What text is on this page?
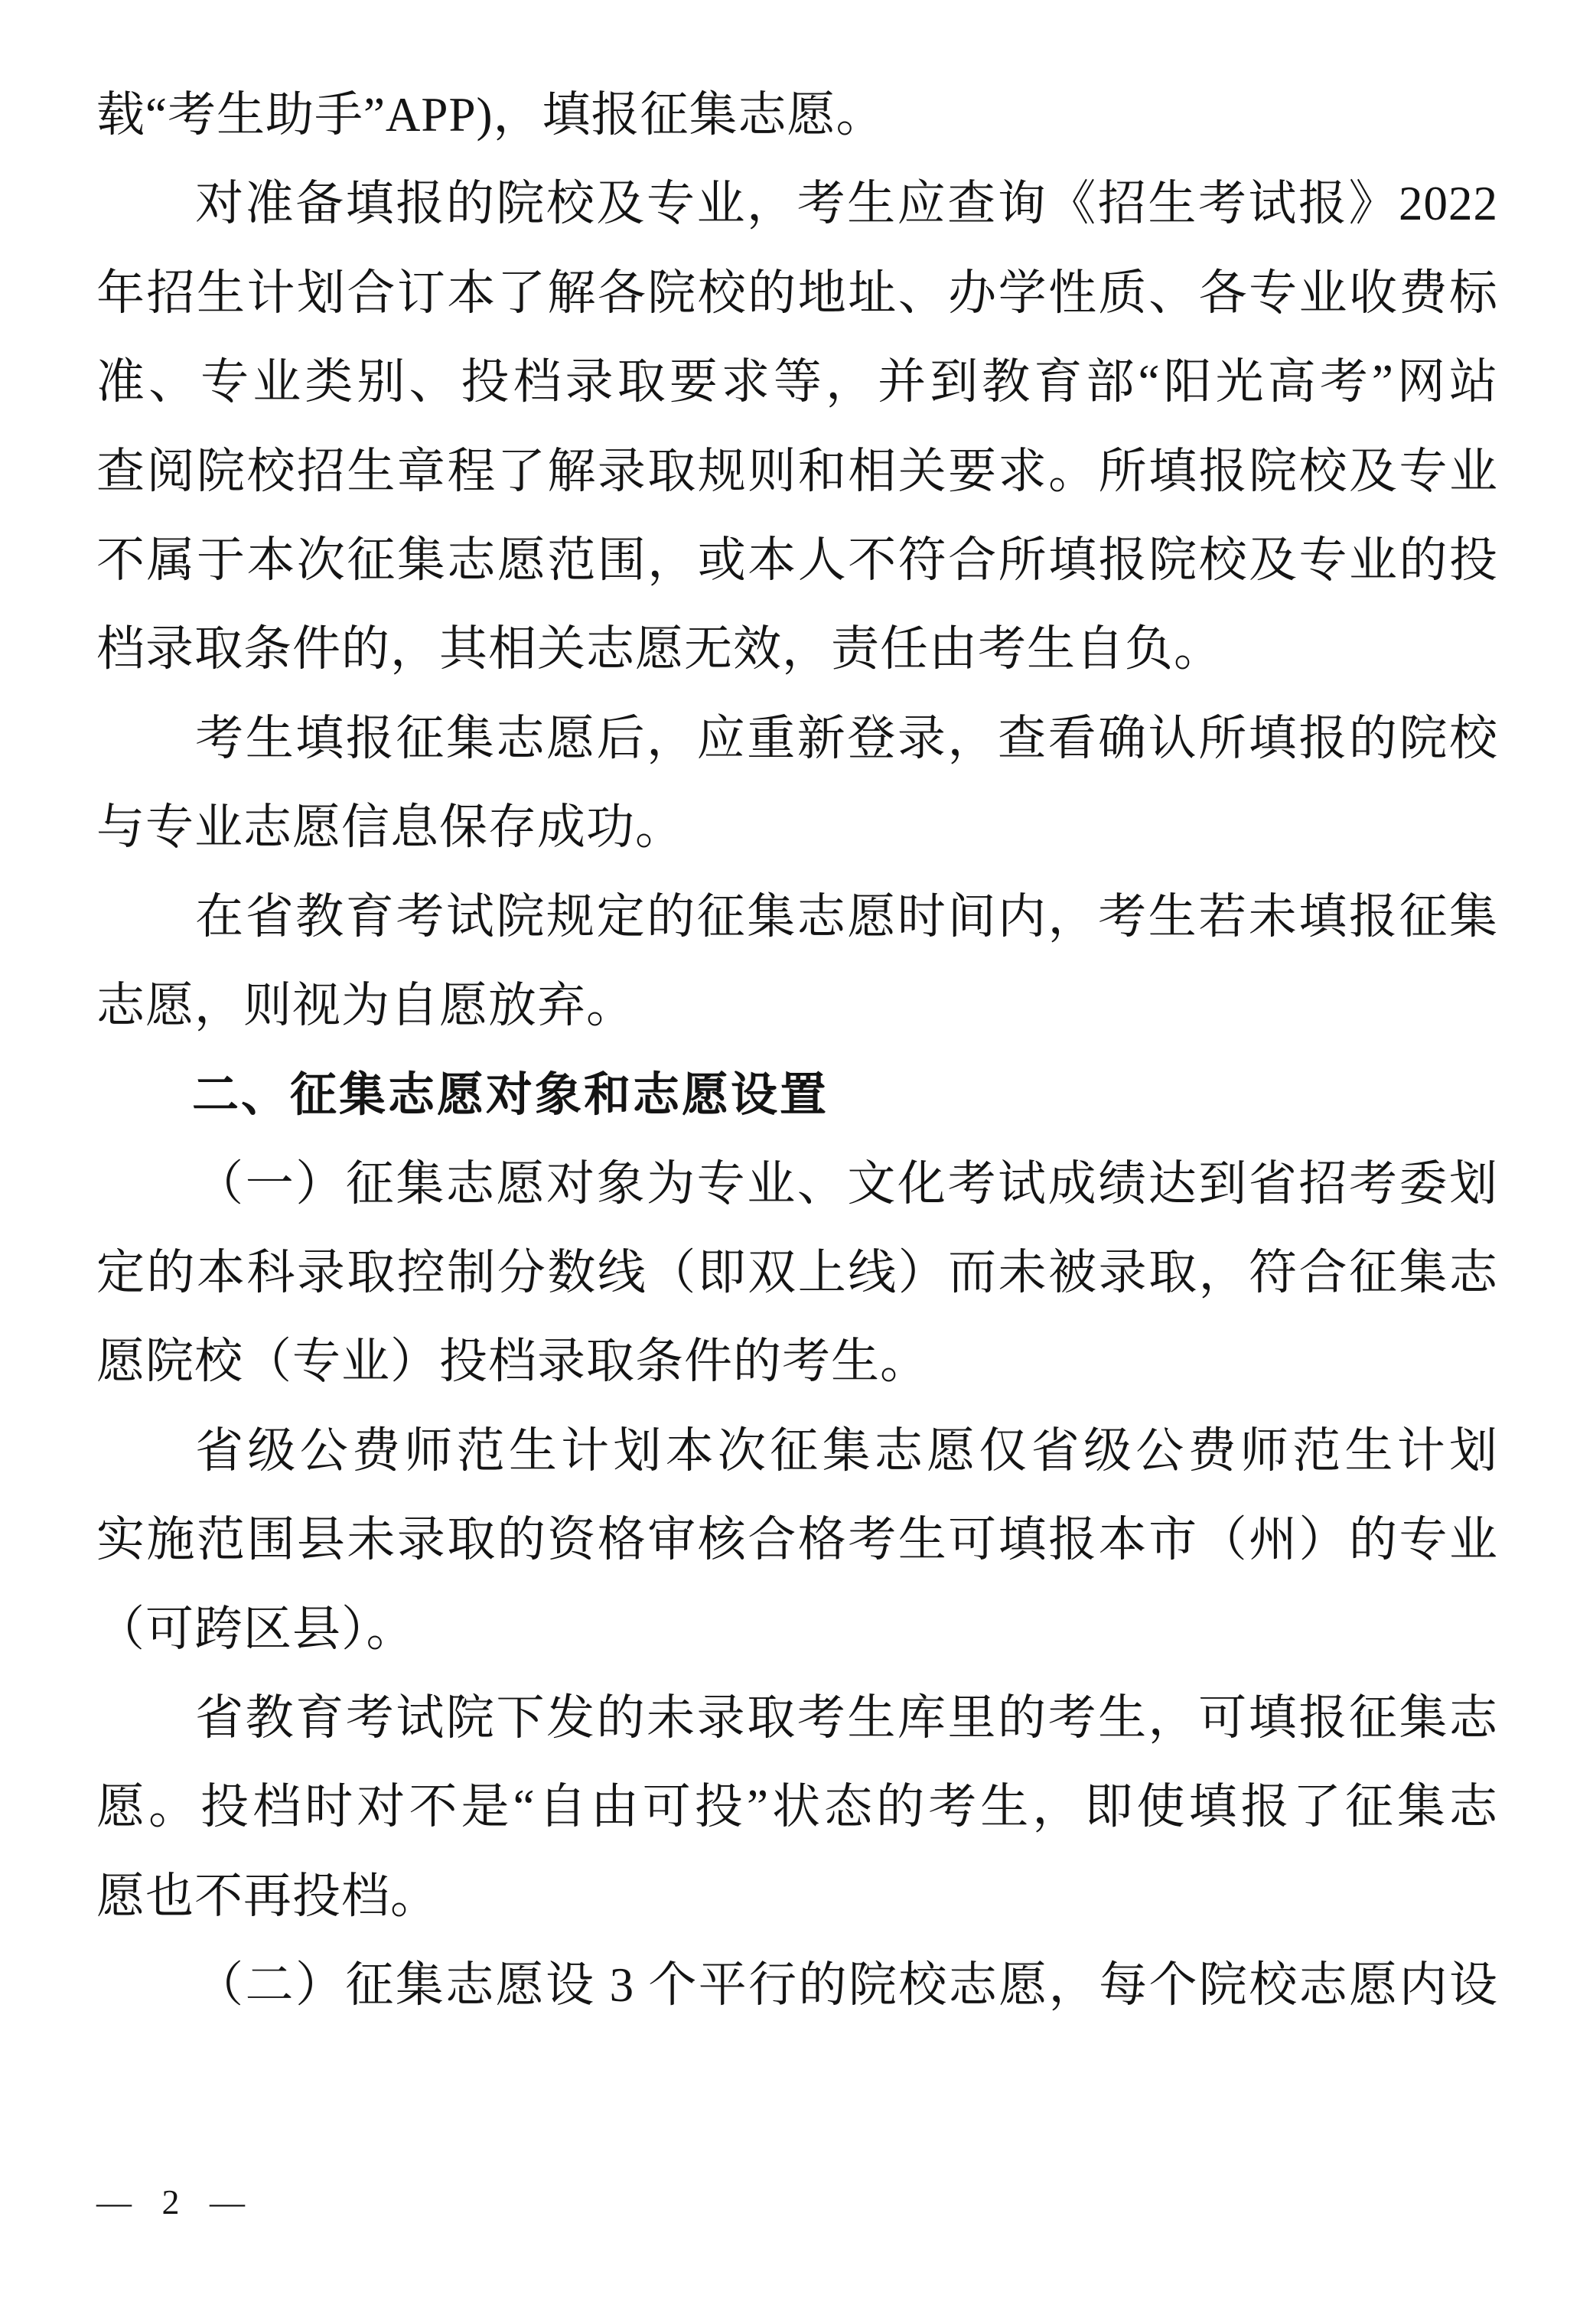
载“考生助手”APP)，填报征集志愿。
对准备填报的院校及专业，考生应查询《招生考试报》2022
年招生计划合订本了解各院校的地址、办学性质、各专业收费标
准、专业类别、投档录取要求等，并到教育部“阳光高考”网站
查阅院校招生章程了解录取规则和相关要求。所填报院校及专业
不属于本次征集志愿范围，或本人不符合所填报院校及专业的投
档录取条件的，其相关志愿无效，责任由考生自负。
考生填报征集志愿后，应重新登录，查看确认所填报的院校
与专业志愿信息保存成功。
在省教育考试院规定的征集志愿时间内，考生若未填报征集
志愿，则视为自愿放弃。
二、征集志愿对象和志愿设置
（一）征集志愿对象为专业、文化考试成绩达到省招考委划
定的本科录取控制分数线（即双上线）而未被录取，符合征集志
愿院校（专业）投档录取条件的考生。
省级公费师范生计划本次征集志愿仅省级公费师范生计划
实施范围县未录取的资格审核合格考生可填报本市（州）的专业
（可跨区县）。
省教育考试院下发的未录取考生库里的考生，可填报征集志
愿。投档时对不是“自由可投”状态的考生，即使填报了征集志
愿也不再投档。
（二）征集志愿设 3 个平行的院校志愿，每个院校志愿内设
— 2 —
